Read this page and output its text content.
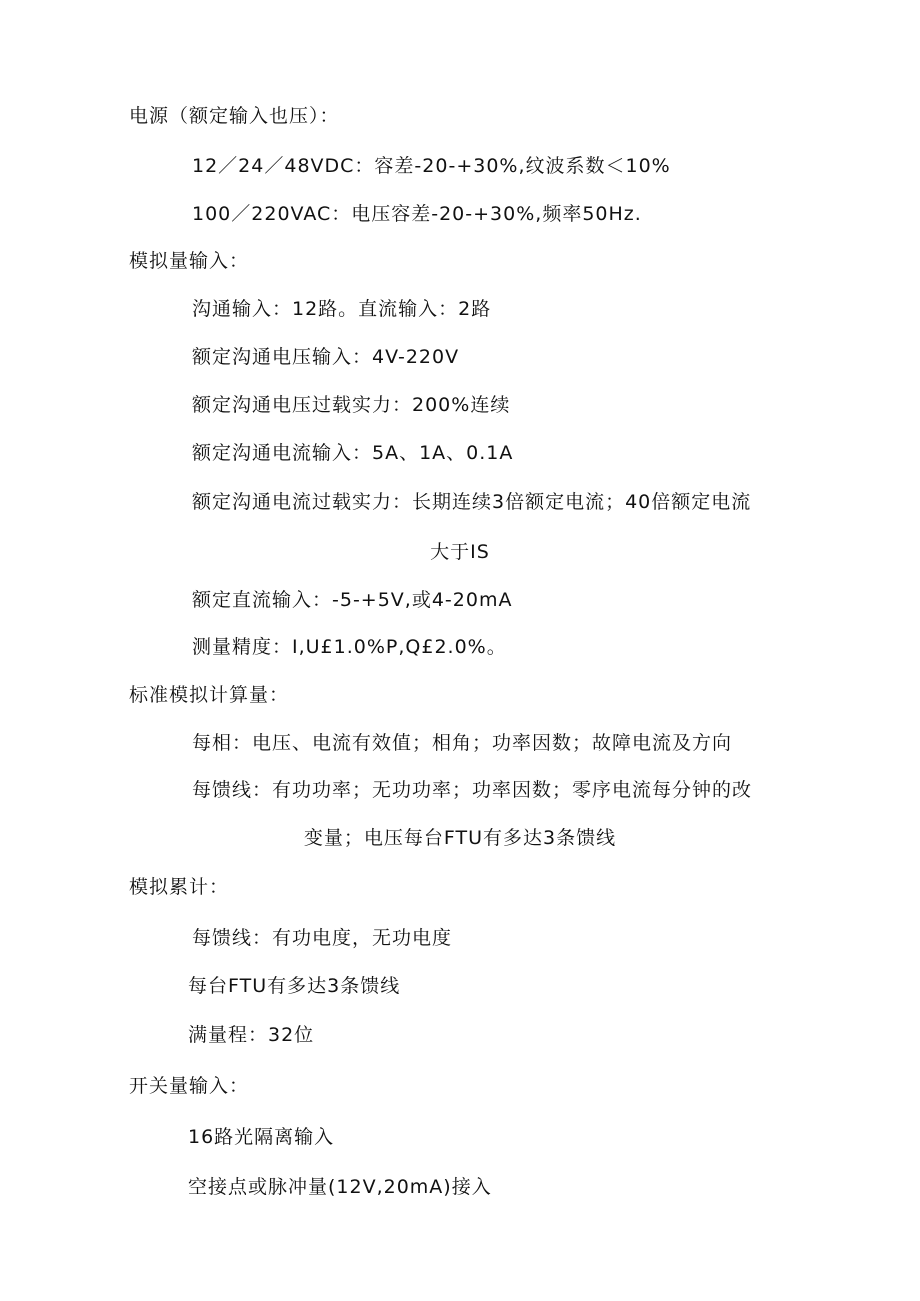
电源（额定输入也压）：
12／24／48VDC：容差-20-+30%,纹波系数＜10%
100／220VAC：电压容差-20-+30%,频率50Hz.
模拟量输入：
沟通输入：12路。直流输入：2路
额定沟通电压输入：4V-220V
额定沟通电压过载实力：200%连续
额定沟通电流输入：5A、1A、0.1A
额定沟通电流过载实力：长期连续3倍额定电流；40倍额定电流
大于IS
额定直流输入：-5-+5V,或4-20mA
测量精度：I,U£1.0%P,Q£2.0%。
标准模拟计算量：
每相：电压、电流有效值；相角；功率因数；故障电流及方向
每馈线：有功功率；无功功率；功率因数；零序电流每分钟的改
变量；电压每台FTU有多达3条馈线
模拟累计：
每馈线：有功电度，无功电度
每台FTU有多达3条馈线
满量程：32位
开关量输入：
16路光隔离输入
空接点或脉冲量(12V,20mA)接入
